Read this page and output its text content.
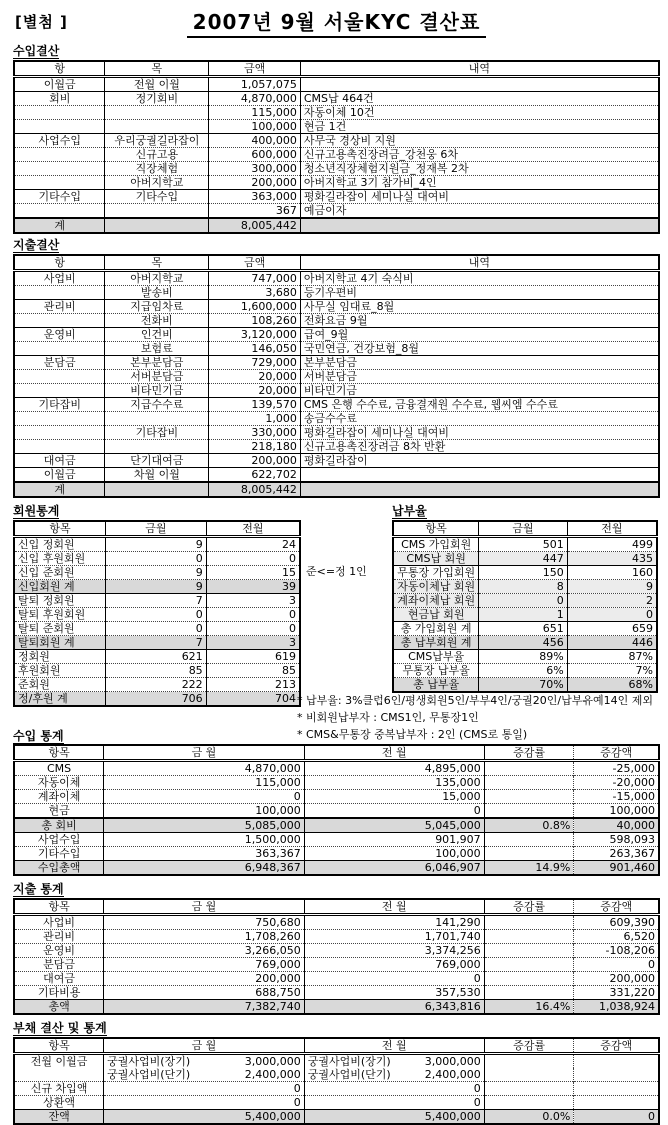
[별첨 ]	2007년 9월 서울KYC 결산표
수입결산
항	목	금액	내역
이월금	전월 이월	1,057,075	
회비	정기회비	4,870,000	CMS납 464건
		115,000	자동이체 10건
		100,000	현금 1건
사업수입	우리궁궐길라잡이	400,000	사무국 경상비 지원
	신규고용	600,000	신규고용촉진장려금_강천웅 6차
	직장체험	300,000	청소년직장체험지원금_정재복 2차
	아버지학교	200,000	아버지학교 3기 참가비_4인
기타수입	기타수입	363,000	평화길라잡이 세미나실 대여비
		367	예금이자
계		8,005,442	
지출결산
항	목	금액	내역
사업비	아버지학교	747,000	아버지학교 4기 숙식비
	발송비	3,680	등기우편비
관리비	지급임차료	1,600,000	사무실 임대료_8월
	전화비	108,260	전화요금 9월
운영비	인건비	3,120,000	급여_9월
	보험료	146,050	국민연금, 건강보험_8월
분담금	본부분담금	729,000	본부분담금
	서버분담금	20,000	서버분담금
	비타민기금	20,000	비타민기금
기타잡비	지급수수료	139,570	CMS 은행 수수료, 금융결재원 수수료, 웹씨엠 수수료
		1,000	송금수수료
	기타잡비	330,000	평화길라잡이 세미나실 대여비
		218,180	신규고용촉진장려금 8차 반환
대여금	단기대여금	200,000	평화길라잡이
이월금	차월 이월	622,702	
계		8,005,442	
회원통계
항목	금월	전월
신입 정회원	9	24
신입 후원회원	0	0
신입 준회원	9	15
신입회원 계	9	39
탈퇴 정회원	7	3
탈퇴 후원회원	0	0
탈퇴 준회원	0	0
탈퇴회원 계	7	3
정회원	621	619
후원회원	85	85
준회원	222	213
정/후원 계	706	704
준<=정 1인
납부율
항목	금월	전월
CMS 가입회원	501	499
CMS납 회원	447	435
무통장 가입회원	150	160
자동이체납 회원	8	9
계좌이체납 회원	0	2
현금납 회원	1	0
총 가입회원 계	651	659
총 납부회원 계	456	446
CMS납부율	89%	87%
무통장 납부율	6%	7%
총 납부율	70%	68%
수입 통계
* 납부율: 3%클럽6인/평생회원5인/부부4인/궁궐20인/납부유예14인 제외
* 비회원납부자 : CMS1인, 무통장1인
* CMS&무통장 중복납부자 : 2인 (CMS로 통일)
항목	금 월	전 월	증감률	증감액
CMS	4,870,000	4,895,000		-25,000
자동이체	115,000	135,000		-20,000
계좌이체	0	15,000		-15,000
현금	100,000	0		100,000
총 회비	5,085,000	5,045,000	0.8%	40,000
사업수입	1,500,000	901,907		598,093
기타수입	363,367	100,000		263,367
수입총액	6,948,367	6,046,907	14.9%	901,460
지출 통계
항목	금 월	전 월	증감률	증감액
사업비	750,680	141,290		609,390
관리비	1,708,260	1,701,740		6,520
운영비	3,266,050	3,374,256		-108,206
분담금	769,000	769,000		0
대여금	200,000	0		200,000
기타비용	688,750	357,530		331,220
총액	7,382,740	6,343,816	16.4%	1,038,924
부채 결산 및 통계
항목	금 월	전 월	증감률	증감액
전월 이월금	궁궐사업비(장기) 3,000,000	궁궐사업비(장기) 3,000,000		

	궁궐사업비(단기) 2,400,000	궁궐사업비(단기) 2,400,000		

신규 차입액	0	0		
상환액	0	0		
잔액	5,400,000	5,400,000	0.0%	0
